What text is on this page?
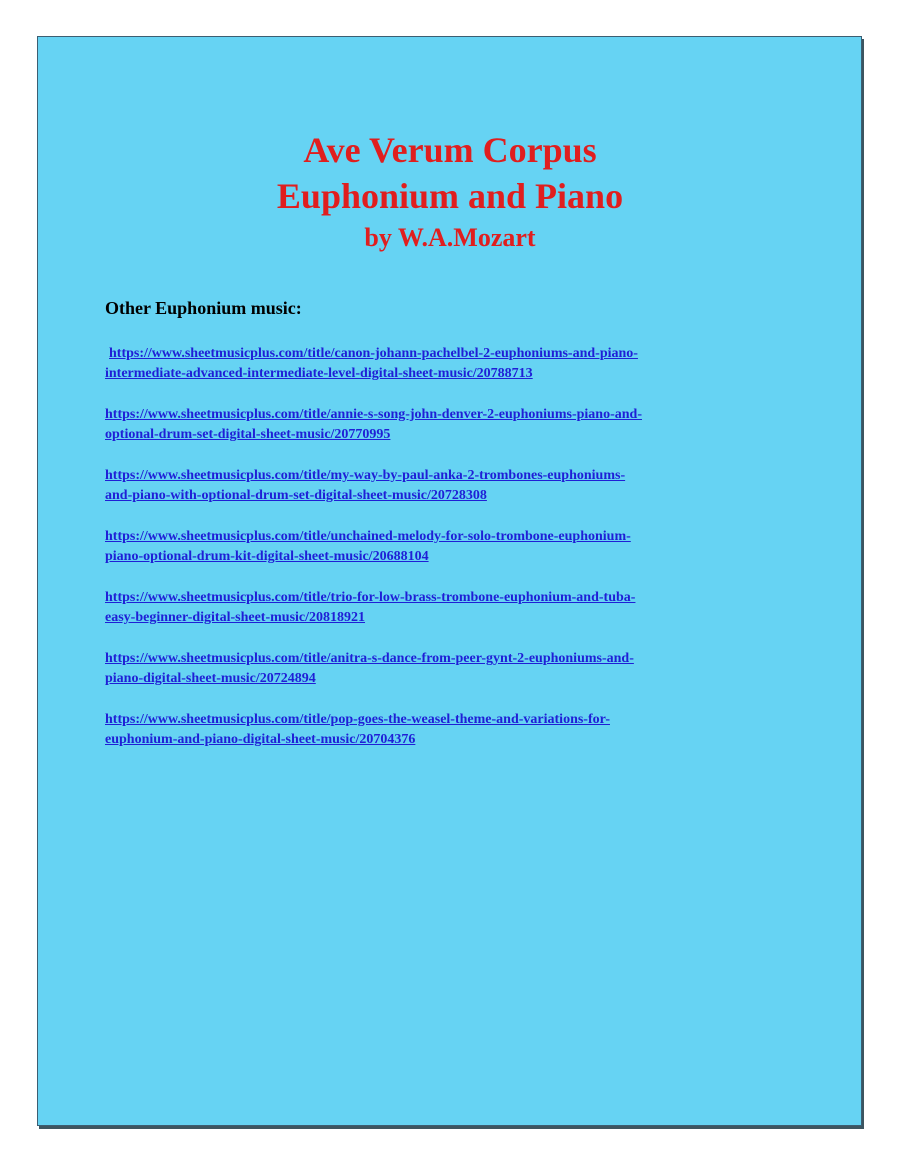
Ave Verum Corpus
Euphonium and Piano
by W.A.Mozart
Other Euphonium music:
https://www.sheetmusicplus.com/title/canon-johann-pachelbel-2-euphoniums-and-piano-
intermediate-advanced-intermediate-level-digital-sheet-music/20788713
https://www.sheetmusicplus.com/title/annie-s-song-john-denver-2-euphoniums-piano-and-
optional-drum-set-digital-sheet-music/20770995
https://www.sheetmusicplus.com/title/my-way-by-paul-anka-2-trombones-euphoniums-
and-piano-with-optional-drum-set-digital-sheet-music/20728308
https://www.sheetmusicplus.com/title/unchained-melody-for-solo-trombone-euphonium-
piano-optional-drum-kit-digital-sheet-music/20688104
https://www.sheetmusicplus.com/title/trio-for-low-brass-trombone-euphonium-and-tuba-
easy-beginner-digital-sheet-music/20818921
https://www.sheetmusicplus.com/title/anitra-s-dance-from-peer-gynt-2-euphoniums-and-
piano-digital-sheet-music/20724894
https://www.sheetmusicplus.com/title/pop-goes-the-weasel-theme-and-variations-for-
euphonium-and-piano-digital-sheet-music/20704376
